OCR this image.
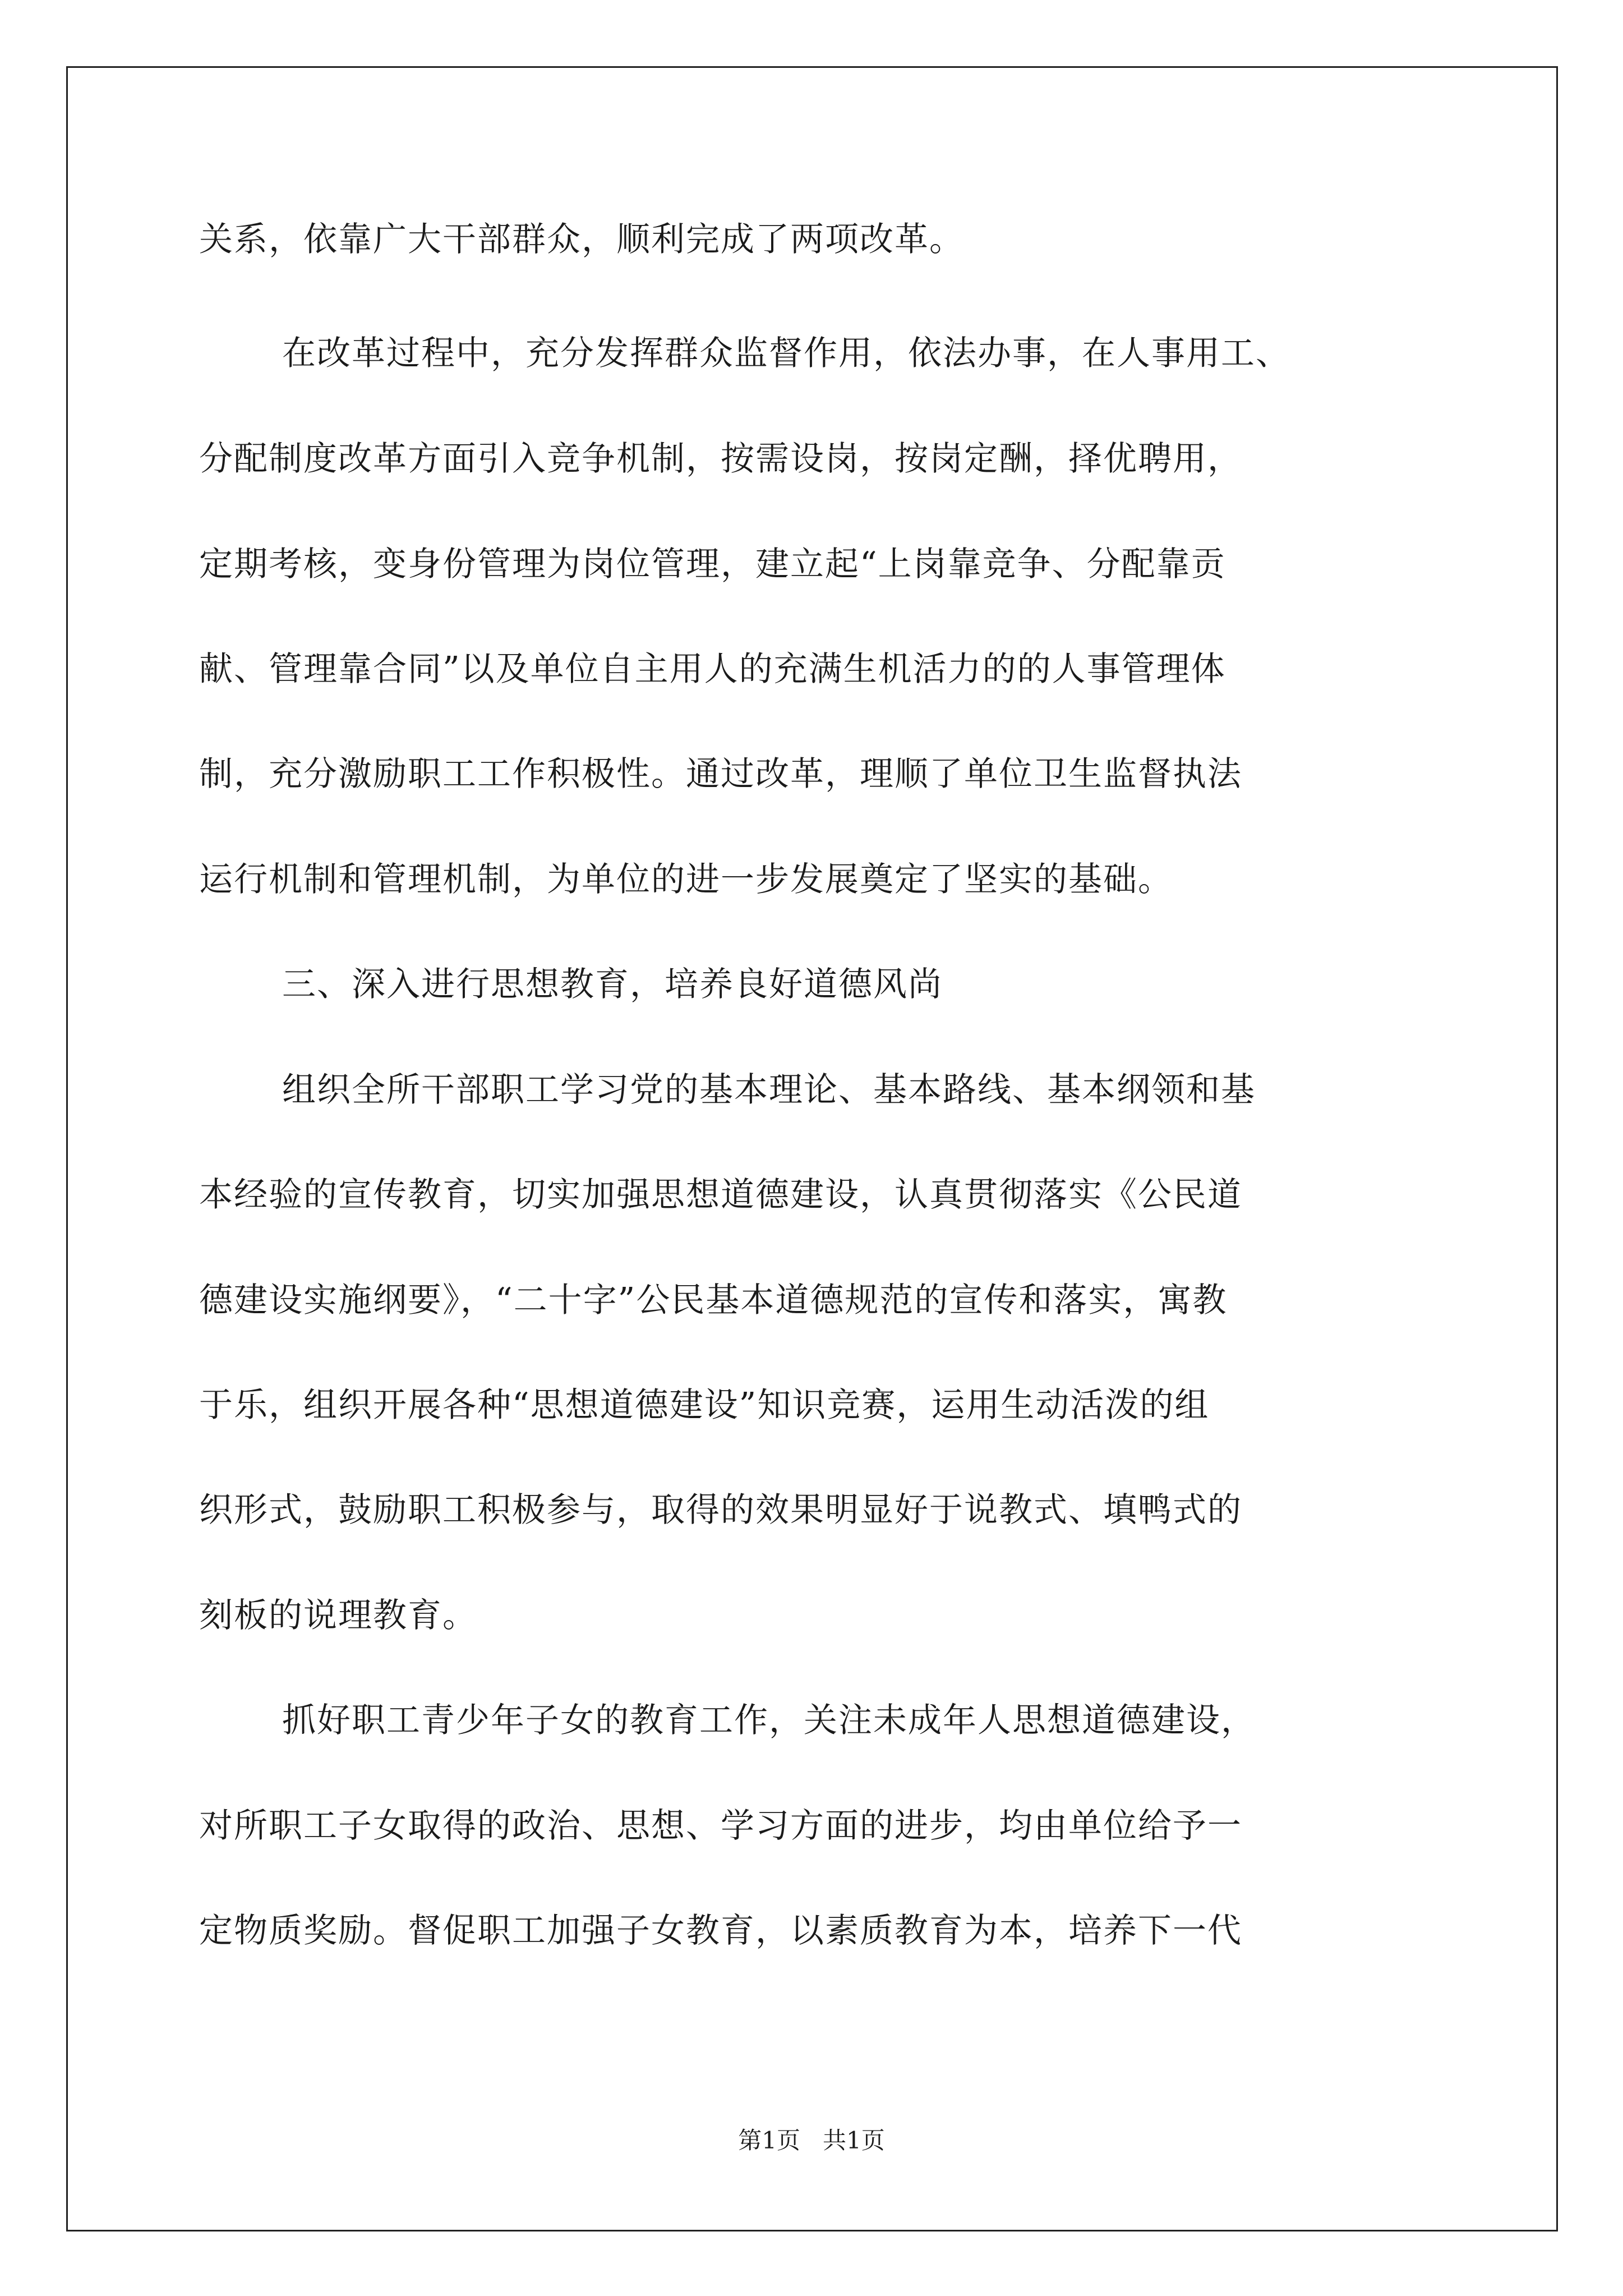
关系，依靠广大干部群众，顺利完成了两项改革。
在改革过程中，充分发挥群众监督作用，依法办事，在人事用工、
分配制度改革方面引入竞争机制，按需设岗，按岗定酬，择优聘用，
定期考核，变身份管理为岗位管理，建立起“上岗靠竞争、分配靠贡
献、管理靠合同”以及单位自主用人的充满生机活力的的人事管理体
制，充分激励职工工作积极性。通过改革，理顺了单位卫生监督执法
运行机制和管理机制，为单位的进一步发展奠定了坚实的基础。
三、深入进行思想教育，培养良好道德风尚
组织全所干部职工学习党的基本理论、基本路线、基本纲领和基
本经验的宣传教育，切实加强思想道德建设，认真贯彻落实《公民道
德建设实施纲要》，“二十字”公民基本道德规范的宣传和落实，寓教
于乐，组织开展各种“思想道德建设”知识竞赛，运用生动活泼的组
织形式，鼓励职工积极参与，取得的效果明显好于说教式、填鸭式的
刻板的说理教育。
抓好职工青少年子女的教育工作，关注未成年人思想道德建设，
对所职工子女取得的政治、思想、学习方面的进步，均由单位给予一
定物质奖励。督促职工加强子女教育，以素质教育为本，培养下一代
第1页   共1页
